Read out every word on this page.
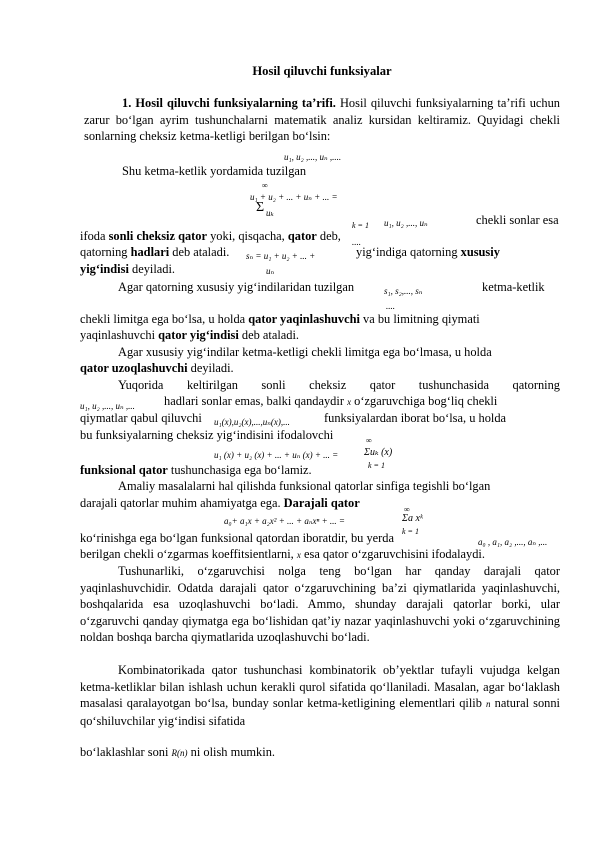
Hosil qiluvchi funksiyalar

1. Hosil qiluvchi funksiyalarning ta’rifi. Hosil qiluvchi funksiyalarning ta’rifi uchun zarur bo‘lgan ayrim tushunchalarni matematik analiz kursidan keltiramiz. Quyidagi chekli sonlarning cheksiz ketma-ketligi berilgan bo‘lsin:

u₁, u₂ ,..., uₙ ,....

Shu ketma-ketlik yordamida tuzilgan

∞
u₁ + u₂ + ... + uₙ + ... =
Σ uₖ
k = 1 u₁, u₂ ,..., uₙ	chekli sonlar esa
ifoda sonli cheksiz qator yoki, qisqacha, qator deb, ....
qatorning hadlari deb ataladi. sₙ = u₁ + u₂ + ... +	yig‘indiga qatorning xususiy
yig‘indisi deyiladi.	uₙ
Agar qatorning xususiy yig‘indilaridan tuzilgan	s₁, s₂,..., sₙ	ketma-ketlik
....
chekli limitga ega bo‘lsa, u holda qator yaqinlashuvchi va bu limitning qiymati
yaqinlashuvchi qator yig‘indisi deb ataladi.
Agar xususiy yig‘indilar ketma-ketligi chekli limitga ega bo‘lmasa, u holda
qator uzoqlashuvchi deyiladi.

Yuqorida keltirilgan sonli cheksiz qator tushunchasida qatorning

u₁, u₂ ,..., uₙ ,... hadlari sonlar emas, balki qandaydir x o‘zgaruvchiga bog‘liq chekli
qiymatlar qabul qiluvchi u₁(x),u₂(x),...,uₙ(x),...	funksiyalardan iborat bo‘lsa, u holda
bu funksiyalarning cheksiz yig‘indisini ifodalovchi	∞
u₁ (x) + u₂ (x) + ... + uₙ (x) + ... =	Σuₖ (x)
k = 1
funksional qator tushunchasiga ega bo‘lamiz.
Amaliy masalalarni hal qilishda funksional qatorlar sinfiga tegishli bo‘lgan
darajali qatorlar muhim ahamiyatga ega. Darajali qator	∞
a₀+ a₁x + a₂x² + ... + aₙxⁿ + ... =	Σa xᵏ
k = 1
ko‘rinishga ega bo‘lgan funksional qatordan iboratdir, bu yerda	a₀ , a₁, a₂ ,..., aₙ ,...
berilgan chekli o‘zgarmas koeffitsientlarni, x esa qator o‘zgaruvchisini ifodalaydi.

Tushunarliki, o‘zgaruvchisi nolga teng bo‘lgan har qanday darajali qator yaqinlashuvchidir. Odatda darajali qator o‘zgaruvchining ba’zi qiymatlarida yaqinlashuvchi, boshqalarida esa uzoqlashuvchi bo‘ladi. Ammo, shunday darajali qatorlar borki, ular o‘zgaruvchi qanday qiymatga ega bo‘lishidan qat’iy nazar yaqinlashuvchi yoki o‘zgaruvchining noldan boshqa barcha qiymatlarida uzoqlashuvchi bo‘ladi.

Kombinatorikada qator tushunchasi kombinatorik ob’yektlar tufayli vujudga kelgan ketma-ketliklar bilan ishlash uchun kerakli qurol sifatida qo‘llaniladi. Masalan, agar bo‘laklash masalasi qaralayotgan bo‘lsa, bunday sonlar ketma-ketligining elementlari qilib n natural sonni qo‘shiluvchilar yig‘indisi sifatida

bo‘laklashlar soni R(n) ni olish mumkin.
